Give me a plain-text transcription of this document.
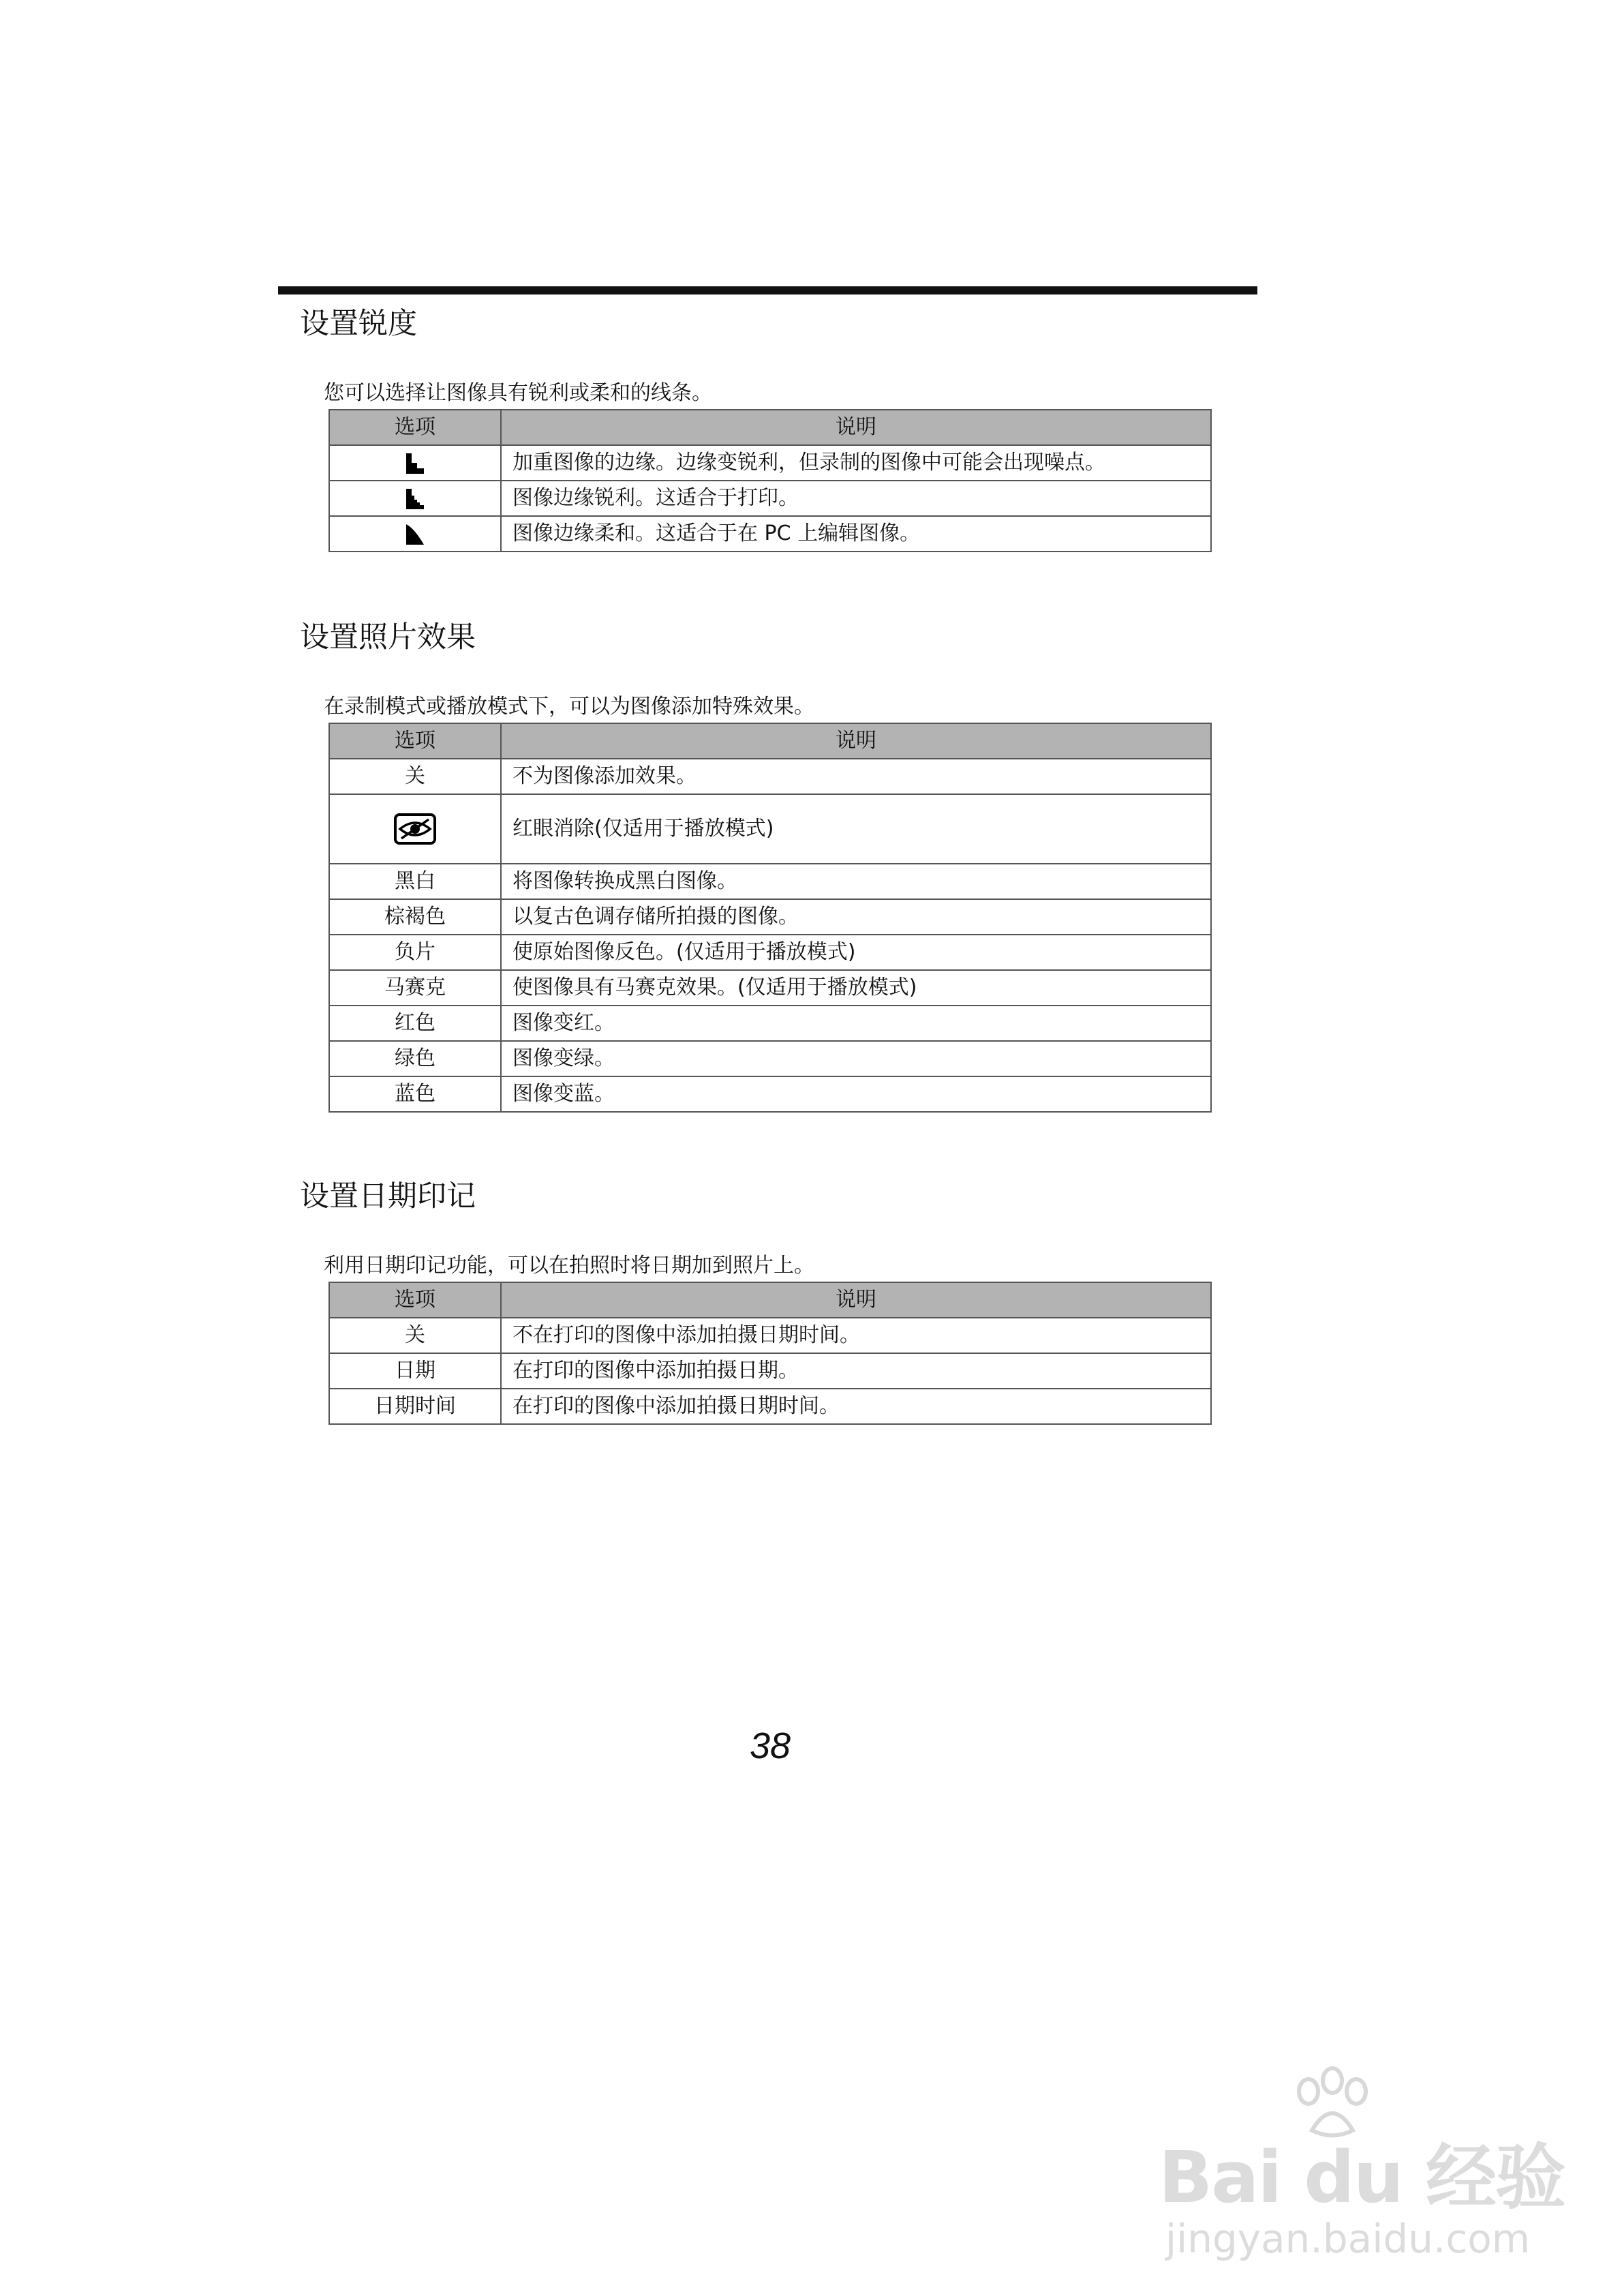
设置锐度
您可以选择让图像具有锐利或柔和的线条。
选项	说明
	加重图像的边缘。边缘变锐利，但录制的图像中可能会出现噪点。
	图像边缘锐利。这适合于打印。
	图像边缘柔和。这适合于在 PC 上编辑图像。
设置照片效果
在录制模式或播放模式下，可以为图像添加特殊效果。
选项	说明
关	不为图像添加效果。
	红眼消除(仅适用于播放模式)
黑白	将图像转换成黑白图像。
棕褐色	以复古色调存储所拍摄的图像。
负片	使原始图像反色。(仅适用于播放模式)
马赛克	使图像具有马赛克效果。(仅适用于播放模式)
红色	图像变红。
绿色	图像变绿。
蓝色	图像变蓝。
设置日期印记
利用日期印记功能，可以在拍照时将日期加到照片上。
选项	说明
关	不在打印的图像中添加拍摄日期时间。
日期	在打印的图像中添加拍摄日期。
日期时间	在打印的图像中添加拍摄日期时间。
38
Bai du 经验
jingyan.baidu.com
